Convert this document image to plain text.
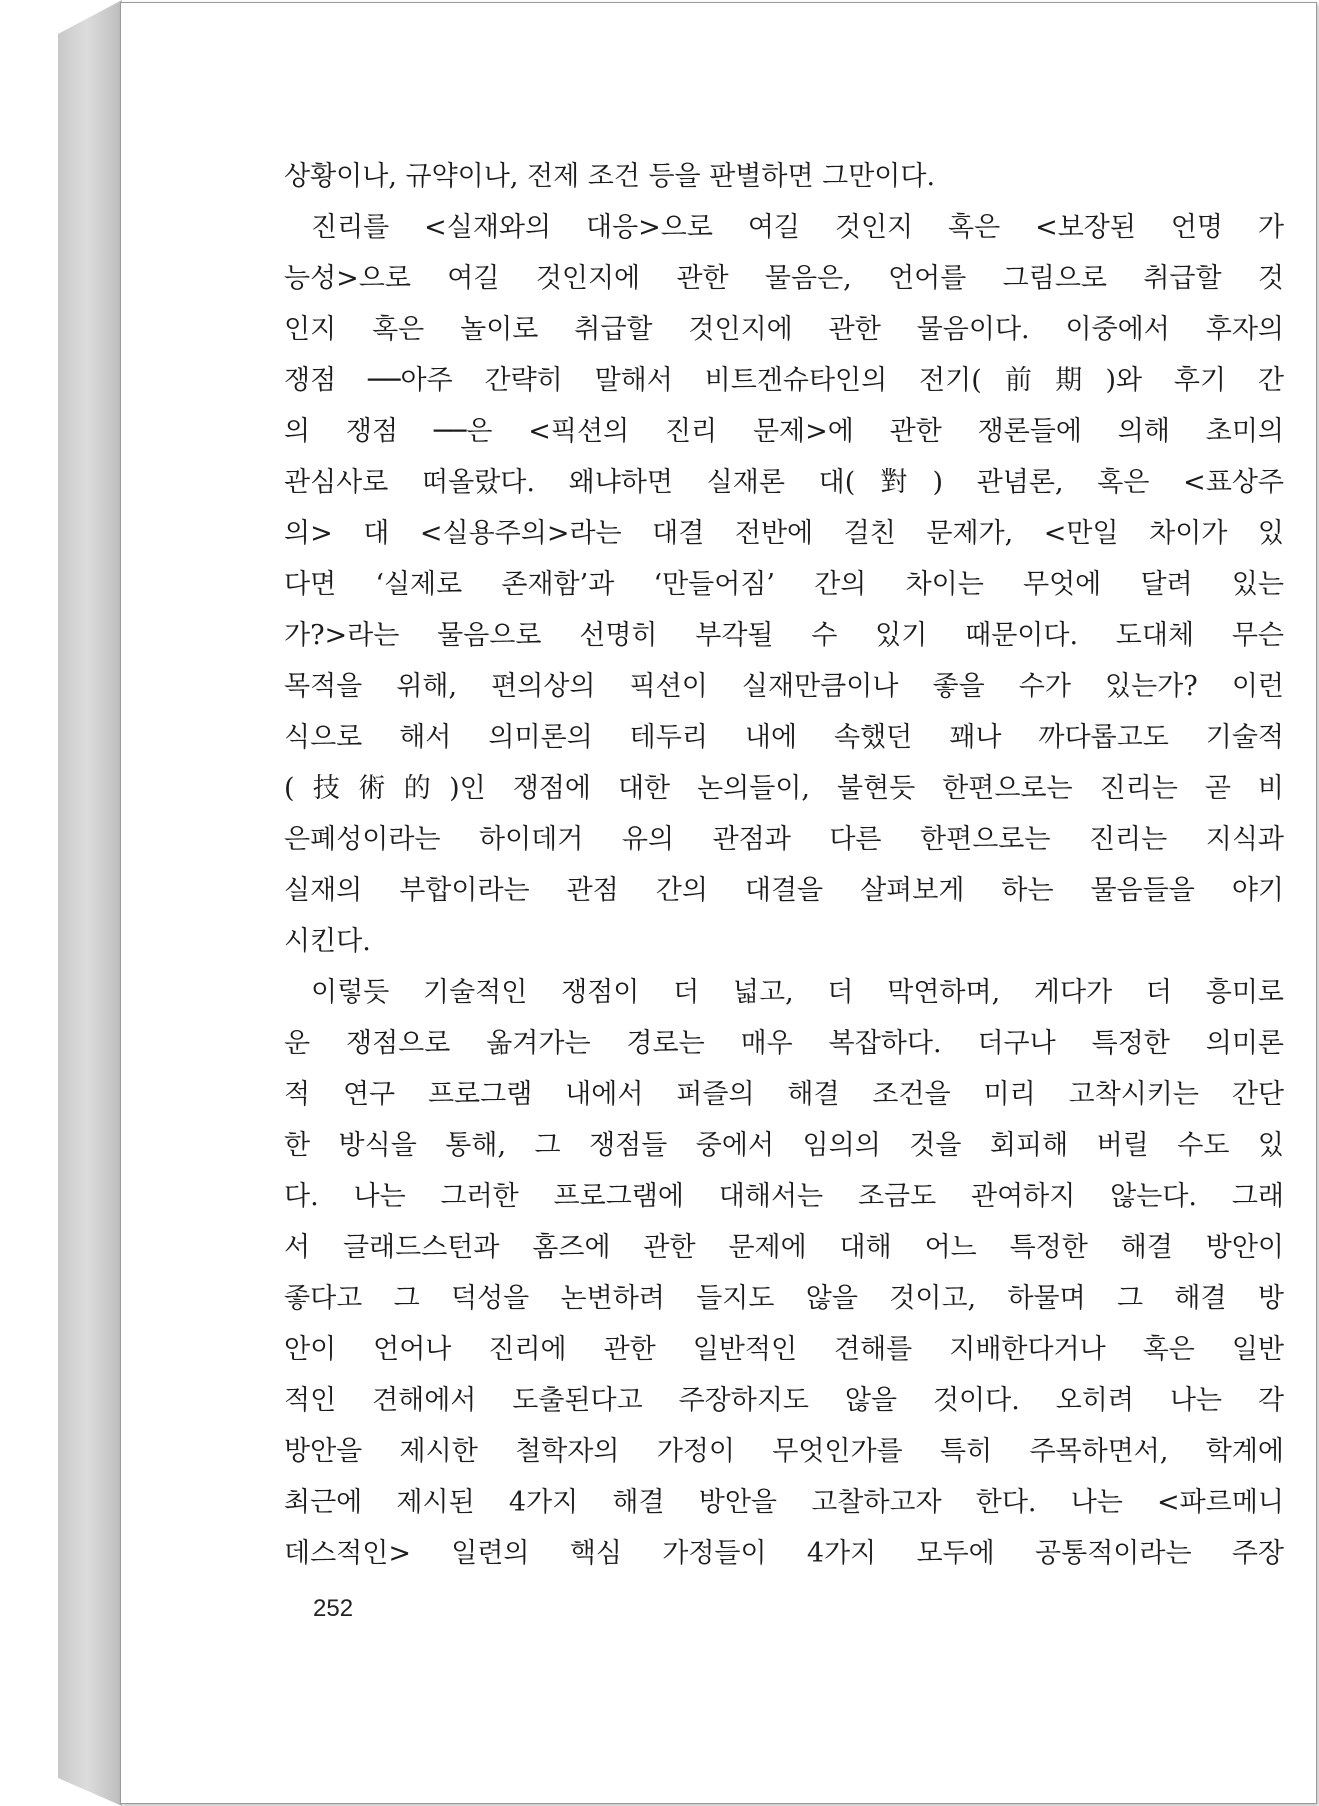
상황이나, 규약이나, 전제 조건 등을 판별하면 그만이다.
진리를 <실재와의 대응>으로 여길 것인지 혹은 <보장된 언명 가
능성>으로 여길 것인지에 관한 물음은, 언어를 그림으로 취급할 것
인지 혹은 놀이로 취급할 것인지에 관한 물음이다. 이중에서 후자의
쟁점 ──아주 간략히 말해서 비트겐슈타인의 전기(前期)와 후기 간
의 쟁점 ──은 <픽션의 진리 문제>에 관한 쟁론들에 의해 초미의
관심사로 떠올랐다. 왜냐하면 실재론 대(對) 관념론, 혹은 <표상주
의> 대 <실용주의>라는 대결 전반에 걸친 문제가, <만일 차이가 있
다면 ‘실제로 존재함’과 ‘만들어짐’ 간의 차이는 무엇에 달려 있는
가?>라는 물음으로 선명히 부각될 수 있기 때문이다. 도대체 무슨
목적을 위해, 편의상의 픽션이 실재만큼이나 좋을 수가 있는가? 이런
식으로 해서 의미론의 테두리 내에 속했던 꽤나 까다롭고도 기술적
(技術的)인 쟁점에 대한 논의들이, 불현듯 한편으로는 진리는 곧 비
은폐성이라는 하이데거 유의 관점과 다른 한편으로는 진리는 지식과
실재의 부합이라는 관점 간의 대결을 살펴보게 하는 물음들을 야기
시킨다.
이렇듯 기술적인 쟁점이 더 넓고, 더 막연하며, 게다가 더 흥미로
운 쟁점으로 옮겨가는 경로는 매우 복잡하다. 더구나 특정한 의미론
적 연구 프로그램 내에서 퍼즐의 해결 조건을 미리 고착시키는 간단
한 방식을 통해, 그 쟁점들 중에서 임의의 것을 회피해 버릴 수도 있
다. 나는 그러한 프로그램에 대해서는 조금도 관여하지 않는다. 그래
서 글래드스턴과 홈즈에 관한 문제에 대해 어느 특정한 해결 방안이
좋다고 그 덕성을 논변하려 들지도 않을 것이고, 하물며 그 해결 방
안이 언어나 진리에 관한 일반적인 견해를 지배한다거나 혹은 일반
적인 견해에서 도출된다고 주장하지도 않을 것이다. 오히려 나는 각
방안을 제시한 철학자의 가정이 무엇인가를 특히 주목하면서, 학계에
최근에 제시된 4가지 해결 방안을 고찰하고자 한다. 나는 <파르메니
데스적인> 일련의 핵심 가정들이 4가지 모두에 공통적이라는 주장
252
